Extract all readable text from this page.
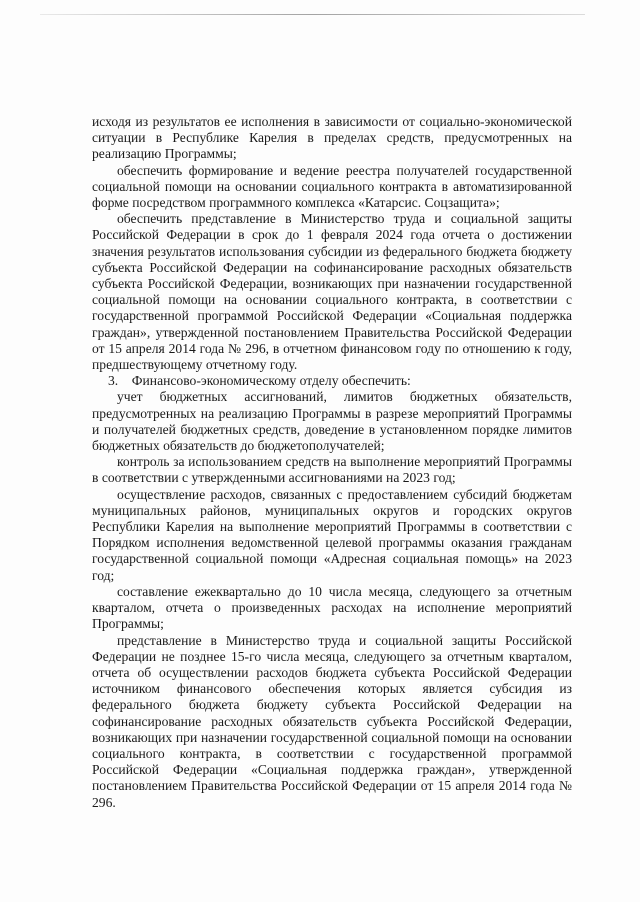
исходя из результатов ее исполнения в зависимости от социально-экономической ситуации в Республике Карелия в пределах средств, предусмотренных на реализацию Программы;

обеспечить формирование и ведение реестра получателей государственной социальной помощи на основании социального контракта в автоматизированной форме посредством программного комплекса «Катарсис. Соцзащита»;

обеспечить представление в Министерство труда и социальной защиты Российской Федерации в срок до 1 февраля 2024 года отчета о достижении значения результатов использования субсидии из федерального бюджета бюджету субъекта Российской Федерации на софинансирование расходных обязательств субъекта Российской Федерации, возникающих при назначении государственной социальной помощи на основании социального контракта, в соответствии с государственной программой Российской Федерации «Социальная поддержка граждан», утвержденной постановлением Правительства Российской Федерации от 15 апреля 2014 года № 296, в отчетном финансовом году по отношению к году, предшествующему отчетному году.

3. Финансово-экономическому отделу обеспечить:

учет бюджетных ассигнований, лимитов бюджетных обязательств, предусмотренных на реализацию Программы в разрезе мероприятий Программы и получателей бюджетных средств, доведение в установленном порядке лимитов бюджетных обязательств до бюджетополучателей;

контроль за использованием средств на выполнение мероприятий Программы в соответствии с утвержденными ассигнованиями на 2023 год;

осуществление расходов, связанных с предоставлением субсидий бюджетам муниципальных районов, муниципальных округов и городских округов Республики Карелия на выполнение мероприятий Программы в соответствии с Порядком исполнения ведомственной целевой программы оказания гражданам государственной социальной помощи «Адресная социальная помощь» на 2023 год;

составление ежеквартально до 10 числа месяца, следующего за отчетным кварталом, отчета о произведенных расходах на исполнение мероприятий Программы;

представление в Министерство труда и социальной защиты Российской Федерации не позднее 15-го числа месяца, следующего за отчетным кварталом, отчета об осуществлении расходов бюджета субъекта Российской Федерации источником финансового обеспечения которых является субсидия из федерального бюджета бюджету субъекта Российской Федерации на софинансирование расходных обязательств субъекта Российской Федерации, возникающих при назначении государственной социальной помощи на основании социального контракта, в соответствии с государственной программой Российской Федерации «Социальная поддержка граждан», утвержденной постановлением Правительства Российской Федерации от 15 апреля 2014 года № 296.
